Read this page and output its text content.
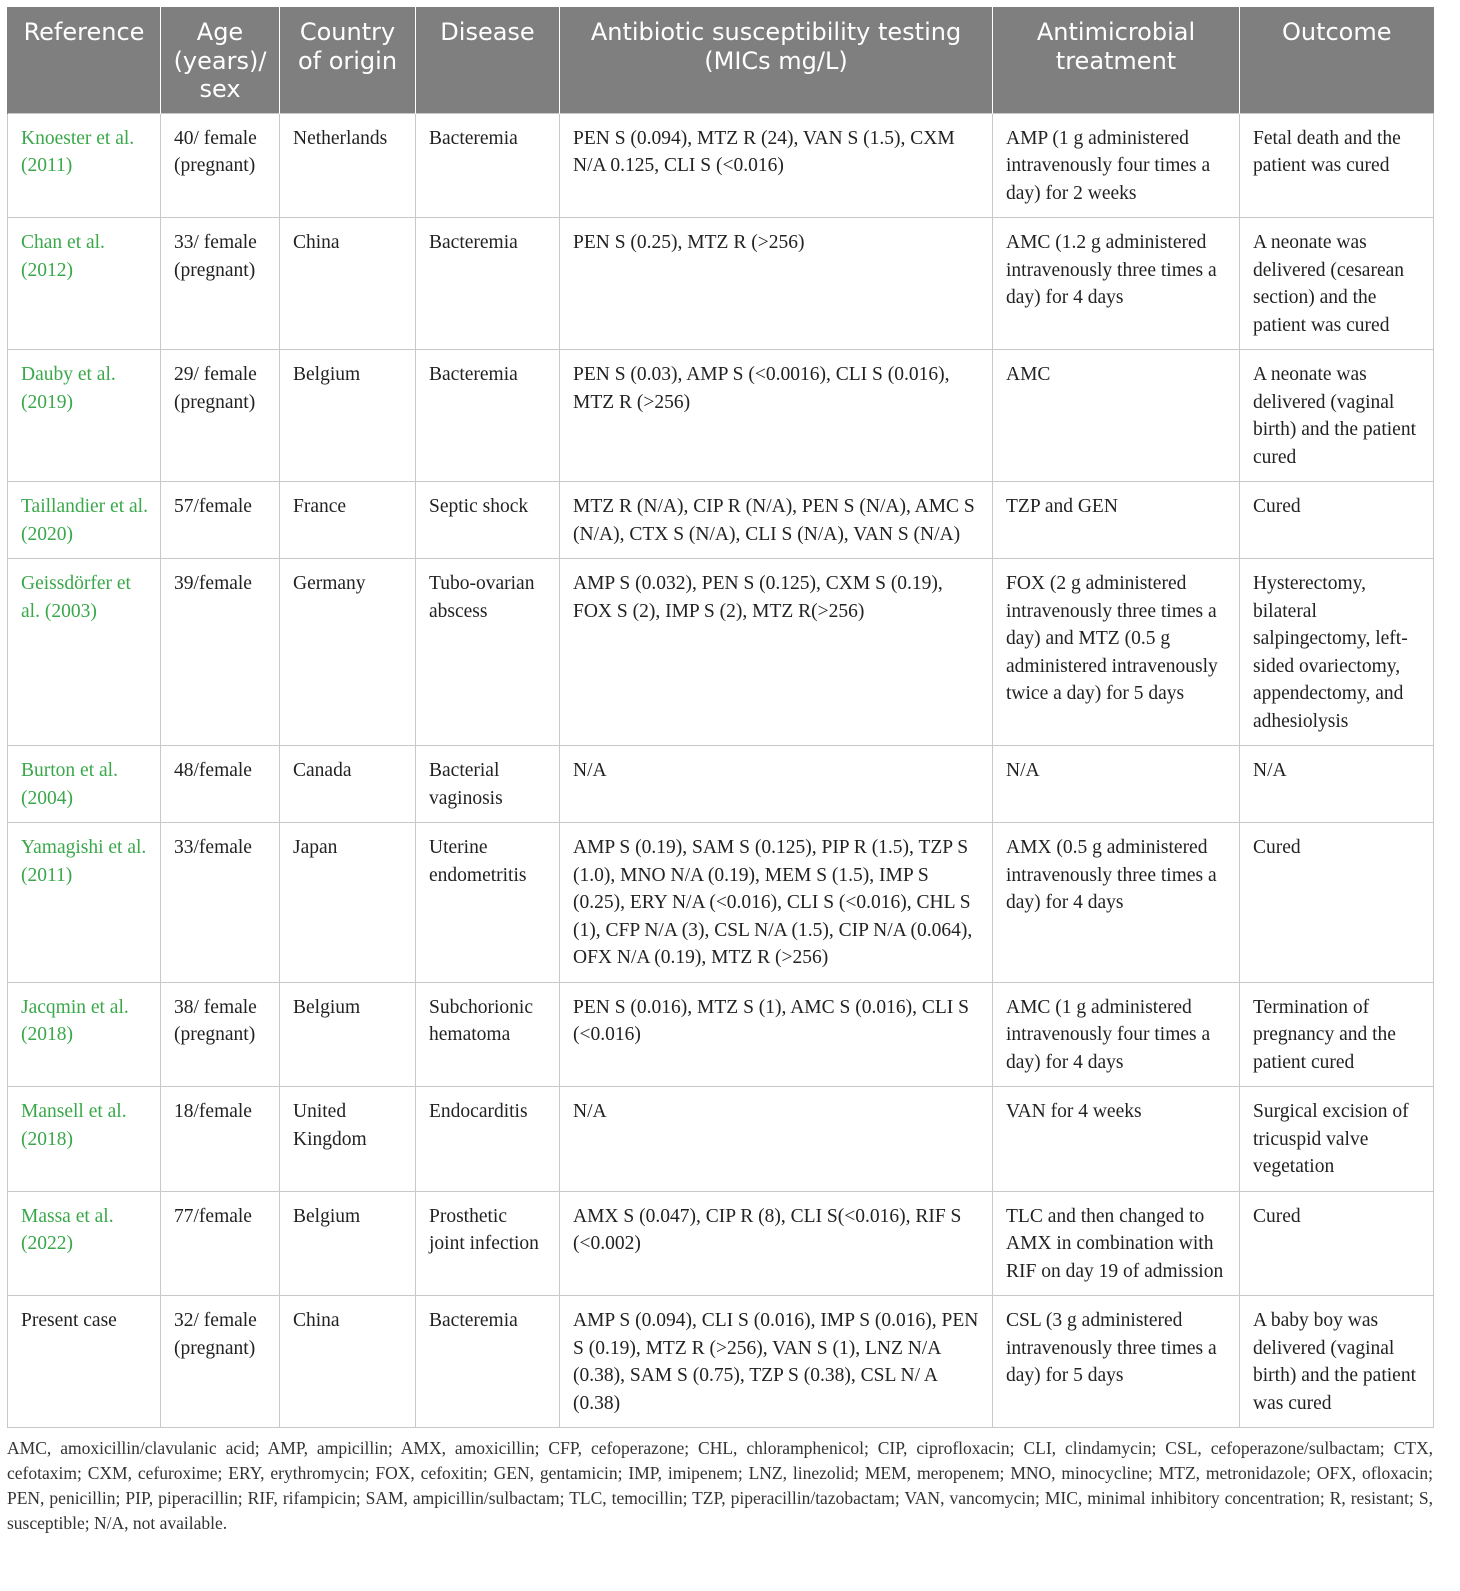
Reference	Age (years)/ sex	Country of origin	Disease	Antibiotic susceptibility testing (MICs mg/L)	Antimicrobial treatment	Outcome
Knoester et al. (2011)	40/ female (pregnant)	Netherlands	Bacteremia	PEN S (0.094), MTZ R (24), VAN S (1.5), CXM N/A 0.125, CLI S (<0.016)	AMP (1 g administered intravenously four times a day) for 2 weeks	Fetal death and the patient was cured
Chan et al. (2012)	33/ female (pregnant)	China	Bacteremia	PEN S (0.25), MTZ R (>256)	AMC (1.2 g administered intravenously three times a day) for 4 days	A neonate was delivered (cesarean section) and the patient was cured
Dauby et al. (2019)	29/ female (pregnant)	Belgium	Bacteremia	PEN S (0.03), AMP S (<0.0016), CLI S (0.016), MTZ R (>256)	AMC	A neonate was delivered (vaginal birth) and the patient cured
Taillandier et al. (2020)	57/female	France	Septic shock	MTZ R (N/A), CIP R (N/A), PEN S (N/A), AMC S (N/A), CTX S (N/A), CLI S (N/A), VAN S (N/A)	TZP and GEN	Cured
Geissdörfer et al. (2003)	39/female	Germany	Tubo-ovarian abscess	AMP S (0.032), PEN S (0.125), CXM S (0.19), FOX S (2), IMP S (2), MTZ R(>256)	FOX (2 g administered intravenously three times a day) and MTZ (0.5 g administered intravenously twice a day) for 5 days	Hysterectomy, bilateral salpingectomy, left-sided ovariectomy, appendectomy, and adhesiolysis
Burton et al. (2004)	48/female	Canada	Bacterial vaginosis	N/A	N/A	N/A
Yamagishi et al. (2011)	33/female	Japan	Uterine endometritis	AMP S (0.19), SAM S (0.125), PIP R (1.5), TZP S (1.0), MNO N/A (0.19), MEM S (1.5), IMP S (0.25), ERY N/A (<0.016), CLI S (<0.016), CHL S (1), CFP N/A (3), CSL N/A (1.5), CIP N/A (0.064), OFX N/A (0.19), MTZ R (>256)	AMX (0.5 g administered intravenously three times a day) for 4 days	Cured
Jacqmin et al. (2018)	38/ female (pregnant)	Belgium	Subchorionic hematoma	PEN S (0.016), MTZ S (1), AMC S (0.016), CLI S (<0.016)	AMC (1 g administered intravenously four times a day) for 4 days	Termination of pregnancy and the patient cured
Mansell et al. (2018)	18/female	United Kingdom	Endocarditis	N/A	VAN for 4 weeks	Surgical excision of tricuspid valve vegetation
Massa et al. (2022)	77/female	Belgium	Prosthetic joint infection	AMX S (0.047), CIP R (8), CLI S(<0.016), RIF S (<0.002)	TLC and then changed to AMX in combination with RIF on day 19 of admission	Cured
Present case	32/ female (pregnant)	China	Bacteremia	AMP S (0.094), CLI S (0.016), IMP S (0.016), PEN S (0.19), MTZ R (>256), VAN S (1), LNZ N/A (0.38), SAM S (0.75), TZP S (0.38), CSL N/ A (0.38)	CSL (3 g administered intravenously three times a day) for 5 days	A baby boy was delivered (vaginal birth) and the patient was cured

AMC, amoxicillin/clavulanic acid; AMP, ampicillin; AMX, amoxicillin; CFP, cefoperazone; CHL, chloramphenicol; CIP, ciprofloxacin; CLI, clindamycin; CSL, cefoperazone/sulbactam; CTX, cefotaxim; CXM, cefuroxime; ERY, erythromycin; FOX, cefoxitin; GEN, gentamicin; IMP, imipenem; LNZ, linezolid; MEM, meropenem; MNO, minocycline; MTZ, metronidazole; OFX, ofloxacin; PEN, penicillin; PIP, piperacillin; RIF, rifampicin; SAM, ampicillin/sulbactam; TLC, temocillin; TZP, piperacillin/tazobactam; VAN, vancomycin; MIC, minimal inhibitory concentration; R, resistant; S, susceptible; N/A, not available.
